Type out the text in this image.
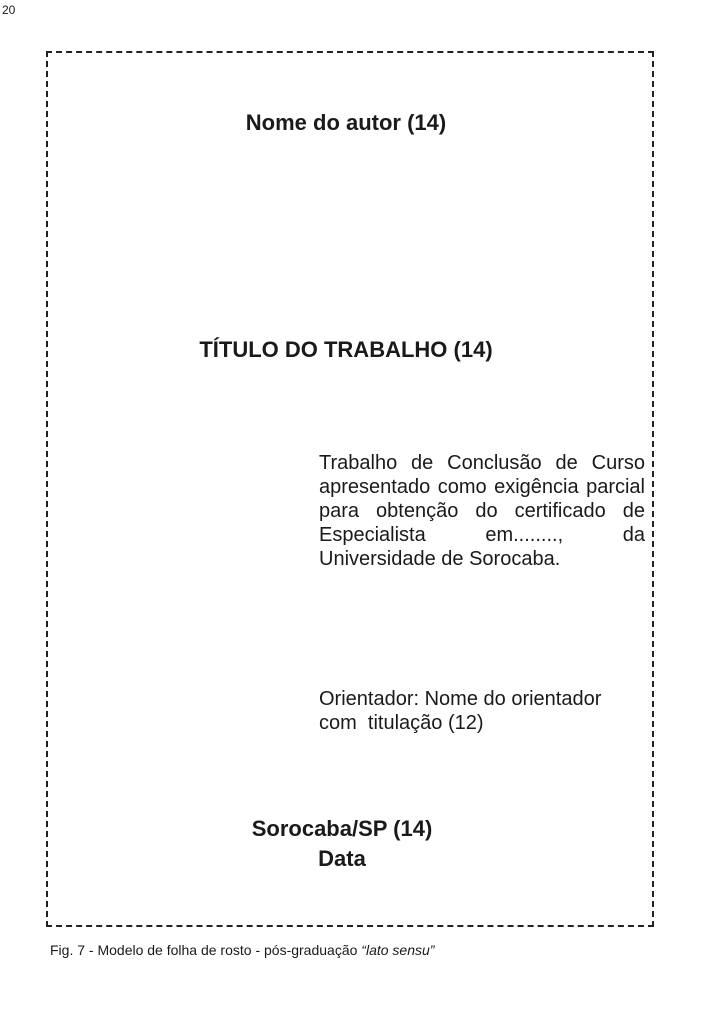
20
Nome do autor (14)
TÍTULO DO TRABALHO (14)

Trabalho de Conclusão de Curso apresentado como exigência parcial para obtenção do certificado de Especialista em........, da Universidade de Sorocaba.

Orientador: Nome do orientador
com  titulação (12)
Sorocaba/SP (14)
Data
Fig. 7 - Modelo de folha de rosto - pós-graduação “lato sensu”
